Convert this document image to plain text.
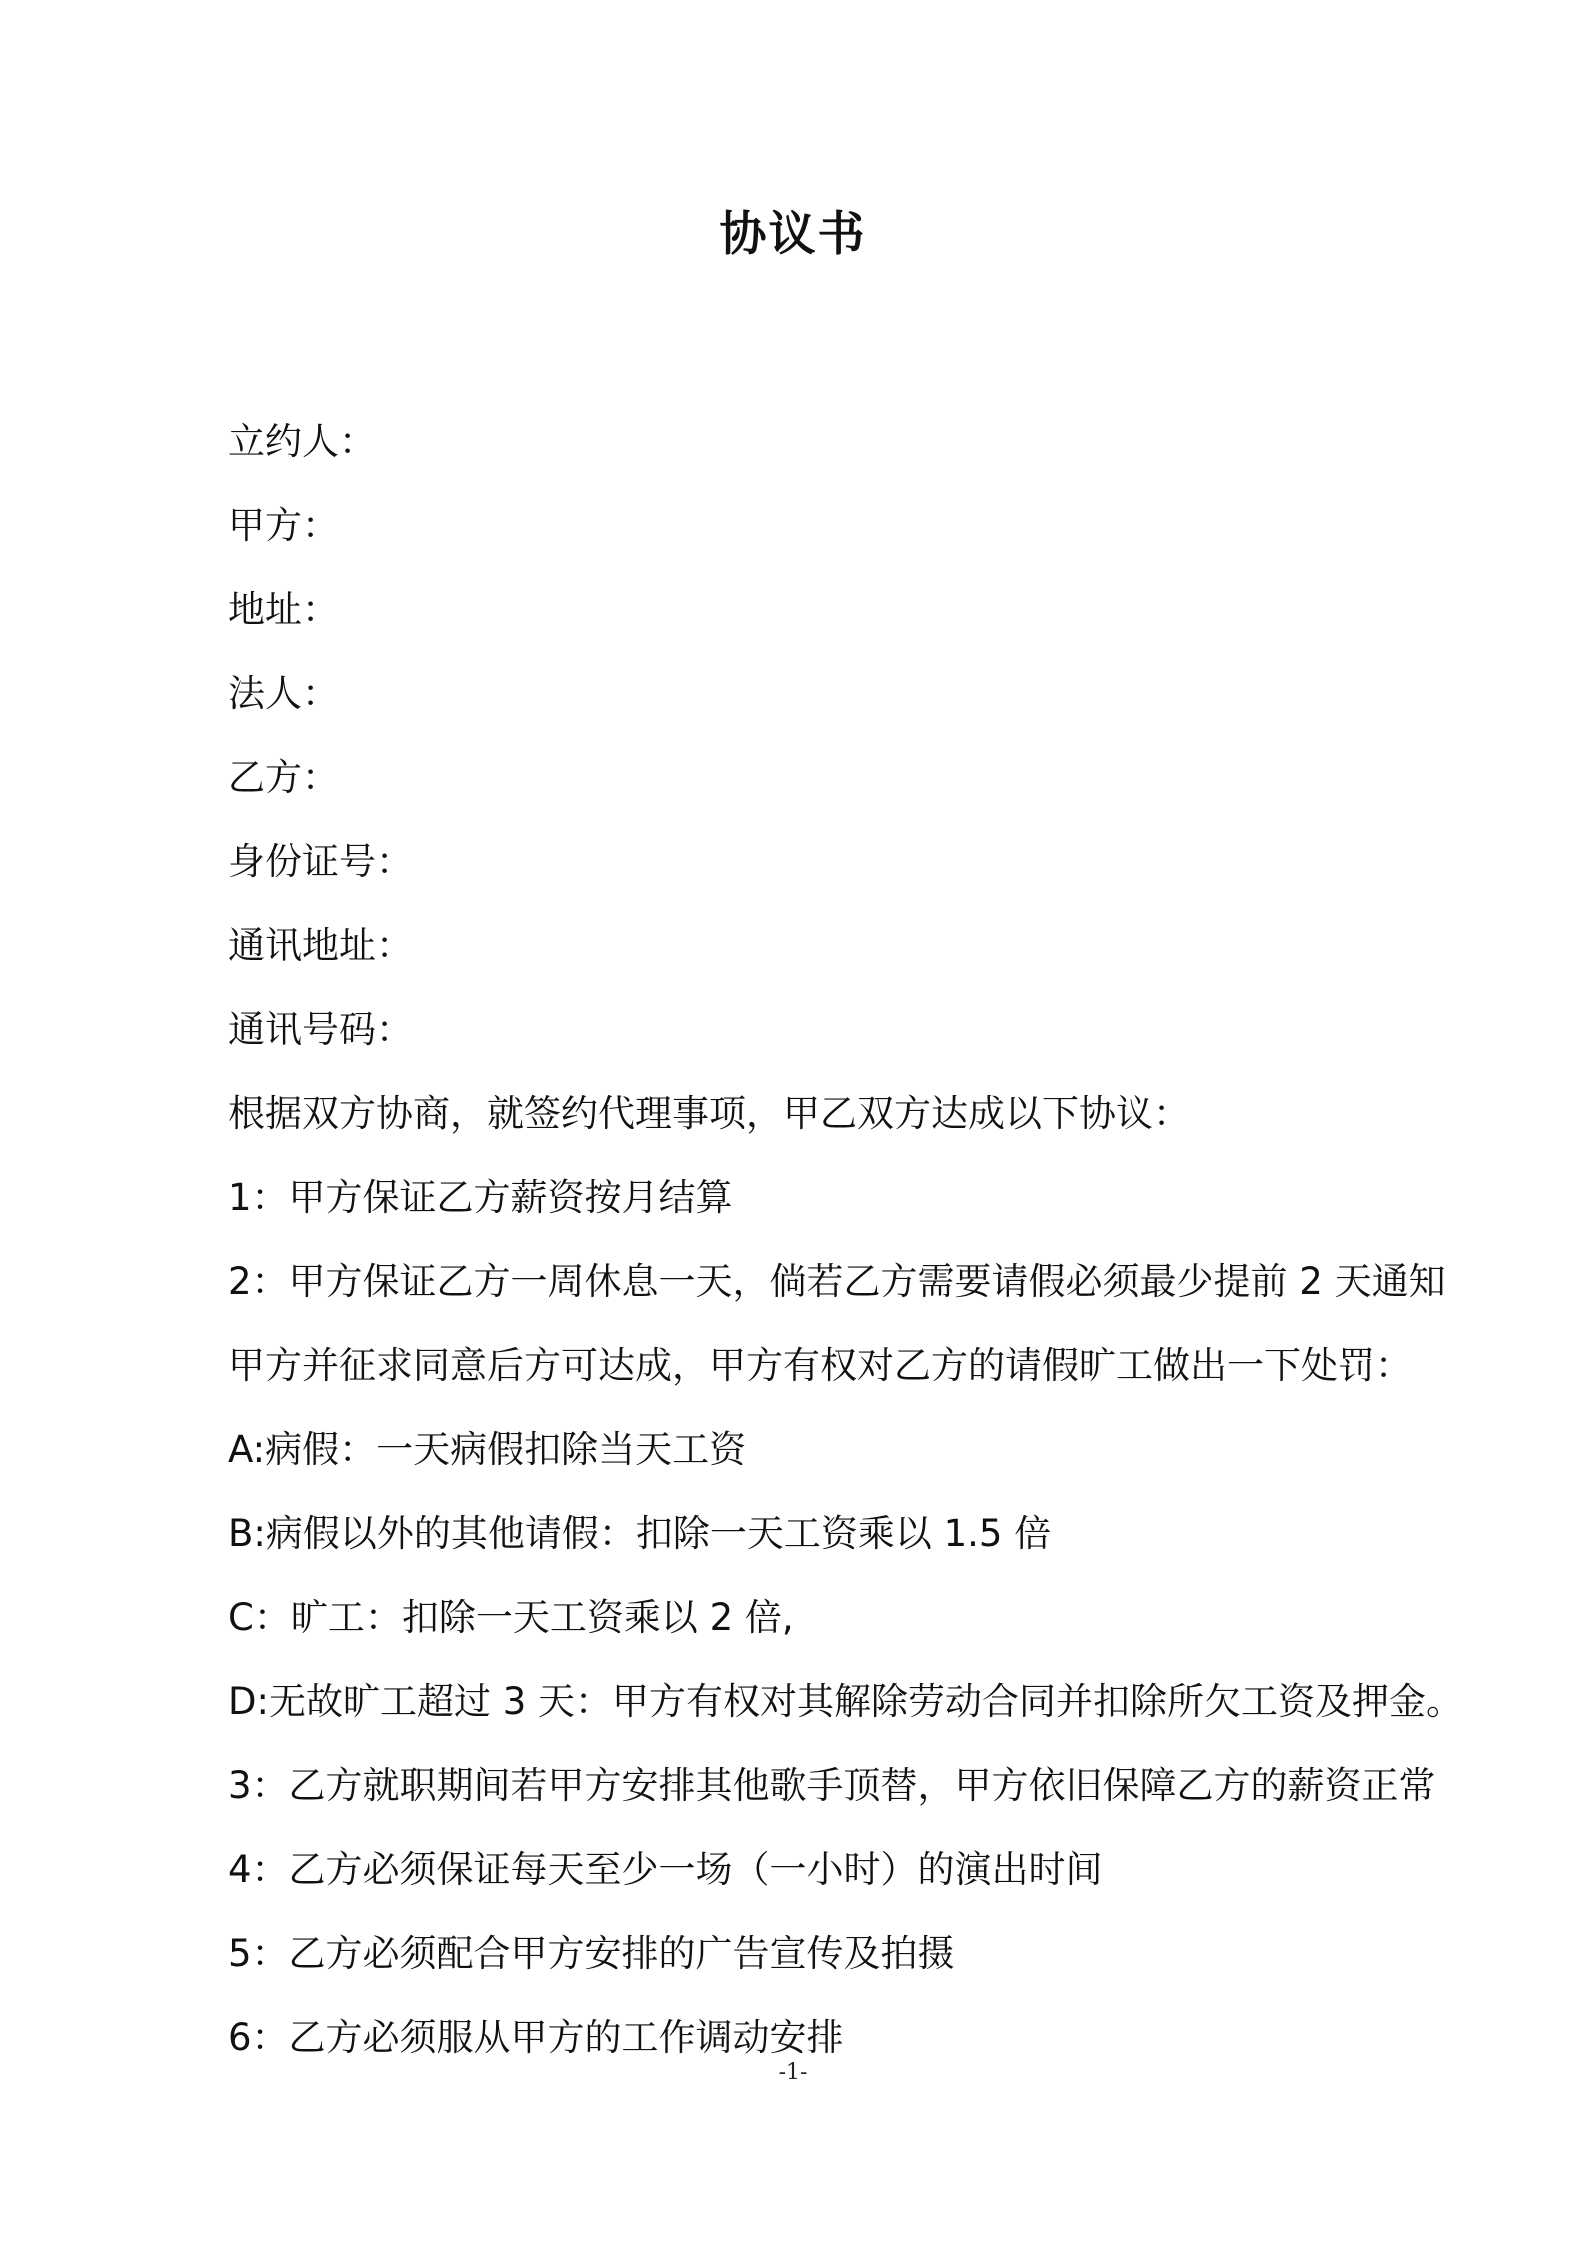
协议书
立约人：
甲方：
地址：
法人：
乙方：
身份证号：
通讯地址：
通讯号码：
根据双方协商，就签约代理事项，甲乙双方达成以下协议：
1：甲方保证乙方薪资按月结算
2：甲方保证乙方一周休息一天，倘若乙方需要请假必须最少提前 2 天通知
甲方并征求同意后方可达成，甲方有权对乙方的请假旷工做出一下处罚：
A:病假：一天病假扣除当天工资
B:病假以外的其他请假：扣除一天工资乘以 1.5 倍
C：旷工：扣除一天工资乘以 2 倍,
D:无故旷工超过 3 天：甲方有权对其解除劳动合同并扣除所欠工资及押金。
3：乙方就职期间若甲方安排其他歌手顶替，甲方依旧保障乙方的薪资正常
4：乙方必须保证每天至少一场（一小时）的演出时间
5：乙方必须配合甲方安排的广告宣传及拍摄
6：乙方必须服从甲方的工作调动安排
-1-
